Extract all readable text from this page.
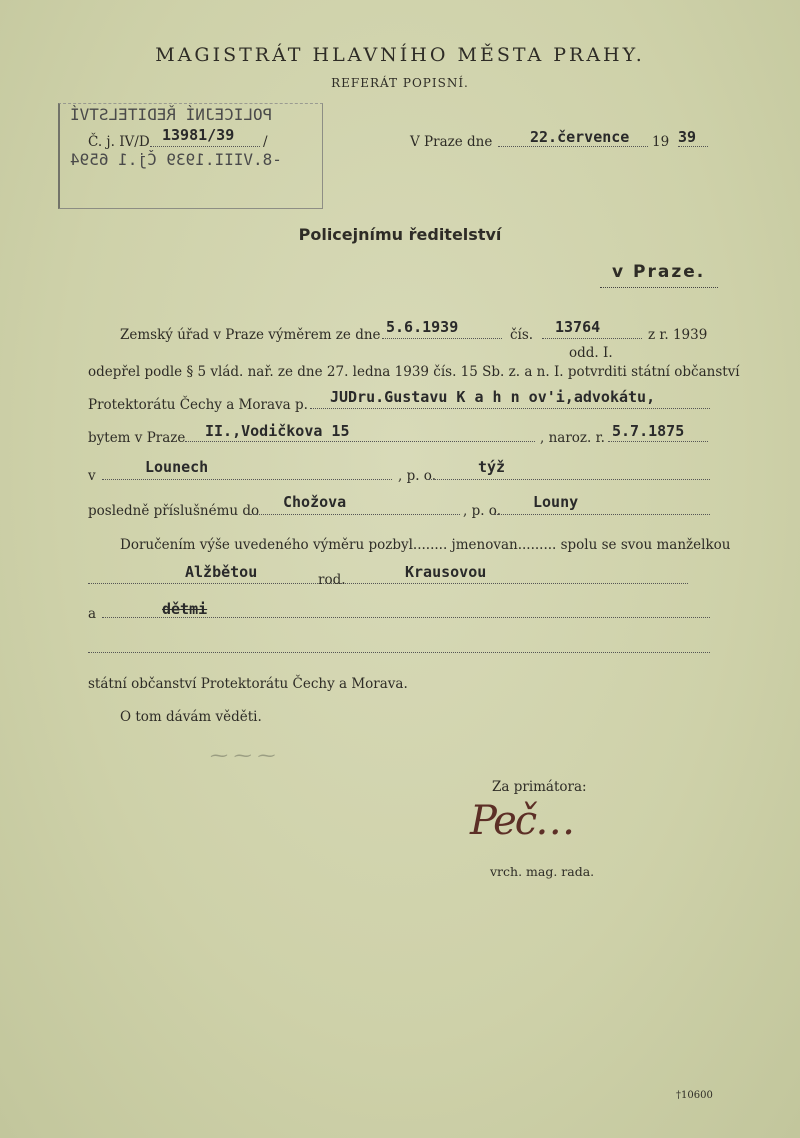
MAGISTRÁT HLAVNÍHO MĚSTA PRAHY.
REFERÁT POPISNÍ.
POLICEJNÍ ŘEDITELSTVÍ
-8.VIII.1939 Čj.1 6594
Č. j. IV/D 13981/39 /	V Praze dne	22.července 19 39
Policejnímu ředitelství
v Praze.
Zemský úřad v Praze výměrem ze dne 5.6.1939	čís. 13764	z r. 1939
odd. I.
odepřel podle § 5 vlád. nař. ze dne 27. ledna 1939 čís. 15 Sb. z. a n. I. potvrditi státní občanství
Protektorátu Čechy a Morava p. JUDru.Gustavu K a h n ov'i,advokátu,
bytem v Praze II.,Vodičkova 15	, naroz. r. 5.7.1875
v	Lounech	, p. o.	týž
posledně příslušnému do Chožova	, p. o. Louny
Doručením výše uvedeného výměru pozbyl........ jmenovan......... spolu se svou manželkou
Alžbětou	rod.	Krausovou
a	dětmi
státní občanství Protektorátu Čechy a Morava.
O tom dávám věděti.
⁓ ⁓ ⁓
Za primátora:
Peč…
vrch. mag. rada.
†10600
